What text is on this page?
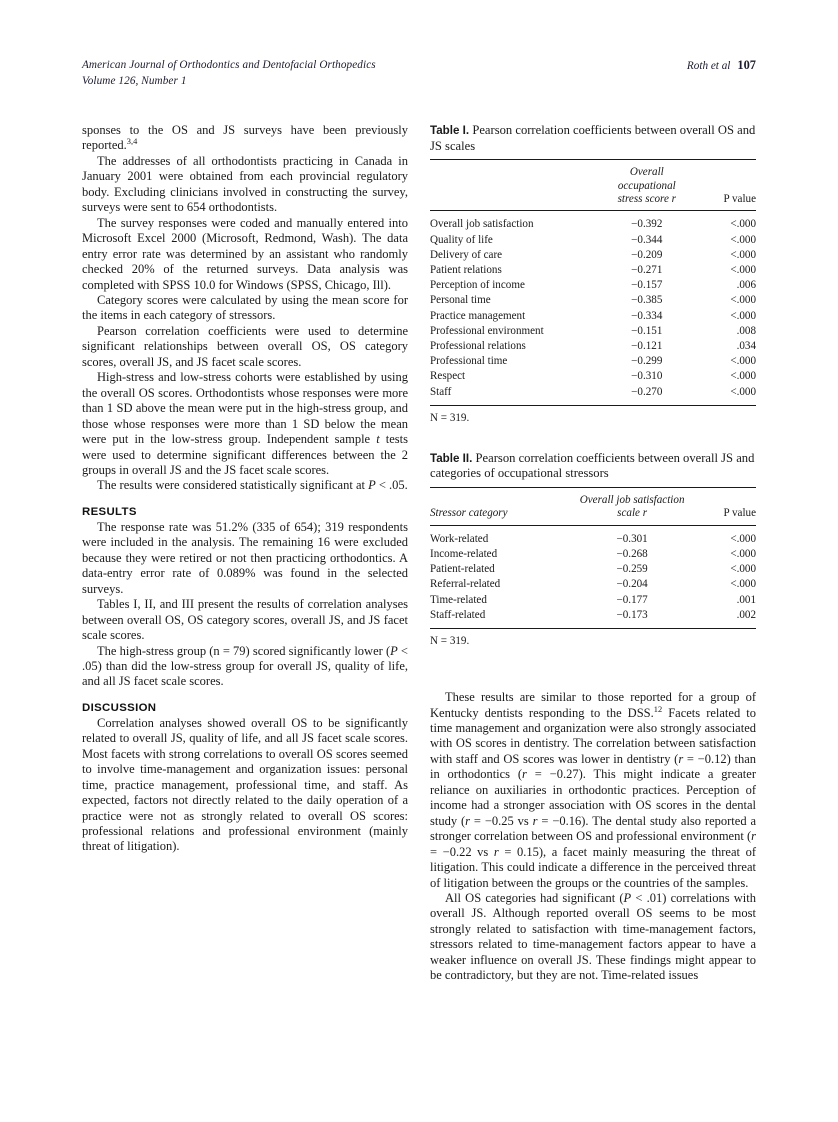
American Journal of Orthodontics and Dentofacial Orthopedics
Volume 126, Number 1
Roth et al 107

sponses to the OS and JS surveys have been previously reported.$^{3,4}$

The addresses of all orthodontists practicing in Canada in January 2001 were obtained from each provincial regulatory body. Excluding clinicians involved in constructing the survey, surveys were sent to 654 orthodontists.

The survey responses were coded and manually entered into Microsoft Excel 2000 (Microsoft, Redmond, Wash). The data entry error rate was determined by an assistant who randomly checked 20% of the returned surveys. Data analysis was completed with SPSS 10.0 for Windows (SPSS, Chicago, Ill).

Category scores were calculated by using the mean score for the items in each category of stressors.

Pearson correlation coefficients were used to determine significant relationships between overall OS, OS category scores, overall JS, and JS facet scale scores.

High-stress and low-stress cohorts were established by using the overall OS scores. Orthodontists whose responses were more than 1 SD above the mean were put in the high-stress group, and those whose responses were more than 1 SD below the mean were put in the low-stress group. Independent sample t tests were used to determine significant differences between the 2 groups in overall JS and the JS facet scale scores.

The results were considered statistically significant at P < .05.

RESULTS

The response rate was 51.2% (335 of 654); 319 respondents were included in the analysis. The remaining 16 were excluded because they were retired or not then practicing orthodontics. A data-entry error rate of 0.089% was found in the selected surveys.

Tables I, II, and III present the results of correlation analyses between overall OS, OS category scores, overall JS, and JS facet scale scores.

The high-stress group (n = 79) scored significantly lower (P < .05) than did the low-stress group for overall JS, quality of life, and all JS facet scale scores.

DISCUSSION

Correlation analyses showed overall OS to be significantly related to overall JS, quality of life, and all JS facet scale scores. Most facets with strong correlations to overall OS scores seemed to involve time-management and organization issues: personal time, practice management, professional time, and staff. As expected, factors not directly related to the daily operation of a practice were not as strongly related to overall OS scores: professional relations and professional environment (mainly threat of litigation).

Table I. Pearson correlation coefficients between overall OS and JS scales
	Overall occupational	
	stress score r	P value
Overall job satisfaction	−0.392	<.000
Quality of life	−0.344	<.000
Delivery of care	−0.209	<.000
Patient relations	−0.271	<.000
Perception of income	−0.157	.006
Personal time	−0.385	<.000
Practice management	−0.334	<.000
Professional environment	−0.151	.008
Professional relations	−0.121	.034
Professional time	−0.299	<.000
Respect	−0.310	<.000
Staff	−0.270	<.000
N = 319.
Table II. Pearson correlation coefficients between overall JS and categories of occupational stressors
	Overall job satisfaction	
Stressor category	scale r	P value
Work-related	−0.301	<.000
Income-related	−0.268	<.000
Patient-related	−0.259	<.000
Referral-related	−0.204	<.000
Time-related	−0.177	.001
Staff-related	−0.173	.002
N = 319.

These results are similar to those reported for a group of Kentucky dentists responding to the DSS.$^{12}$ Facets related to time management and organization were also strongly associated with OS scores in dentistry. The correlation between satisfaction with staff and OS scores was lower in dentistry (r = −0.12) than in orthodontics (r = −0.27). This might indicate a greater reliance on auxiliaries in orthodontic practices. Perception of income had a stronger association with OS scores in the dental study (r = −0.25 vs r = −0.16). The dental study also reported a stronger correlation between OS and professional environment (r = −0.22 vs r = 0.15), a facet mainly measuring the threat of litigation. This could indicate a difference in the perceived threat of litigation between the groups or the countries of the samples.

All OS categories had significant (P < .01) correlations with overall JS. Although reported overall OS seems to be most strongly related to satisfaction with time-management factors, stressors related to time-management factors appear to have a weaker influence on overall JS. These findings might appear to be contradictory, but they are not. Time-related issues
